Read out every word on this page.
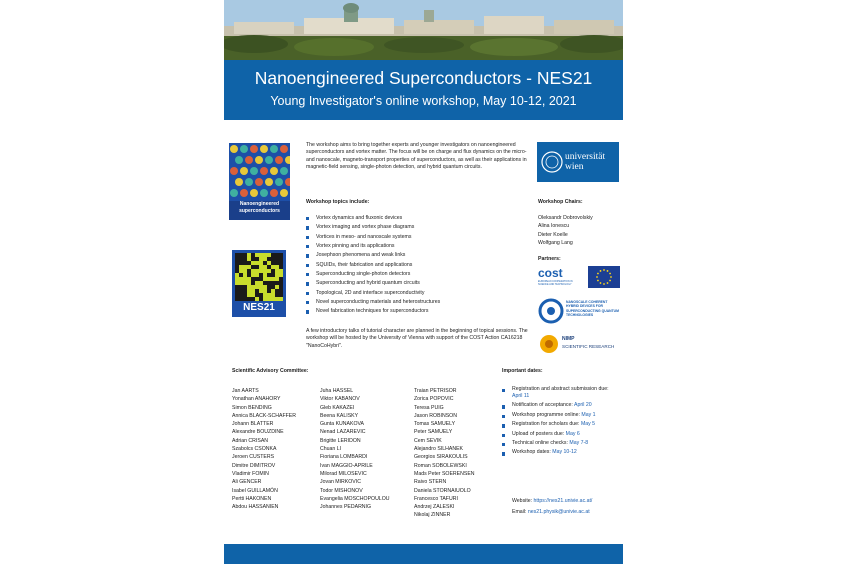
Nanoengineered Superconductors - NES21
Young Investigator's online workshop, May 10-12, 2021
Nanoengineered
superconductors
NES21
The workshop aims to bring together experts and younger investigators on nanoengineered superconductors and vortex matter. The focus will be on charge and flux dynamics on the micro- and nanoscale, magneto-transport properties of superconductors, as well as their applications in magnetic-field sensing, single-photon detection, and hybrid quantum circuits.
Workshop topics include:
Vortex dynamics and fluxonic devices
Vortex imaging and vortex phase diagrams
Vortices in meso- and nanoscale systems
Vortex pinning and its applications
Josephson phenomena and weak links
SQUIDs, their fabrication and applications
Superconducting single-photon detectors
Superconducting and hybrid quantum circuits
Topological, 2D and interface superconductivity
Novel superconducting materials and heterostructures
Novel fabrication techniques for superconductors
A few introductory talks of tutorial character are planned in the beginning of topical sessions. The workshop will be hosted by the University of Vienna with support of the COST Action CA16218 "NanoCoHybri".
universität
wien
Workshop Chairs:
Oleksandr Dobrovolskiy
Alina Ionescu
Dieter Koelle
Wolfgang Lang
Partners:
cost
EUROPEAN COOPERATION IN SCIENCE AND TECHNOLOGY
NANOSCALE COHERENT HYBRID DEVICES FOR SUPERCONDUCTING QUANTUM TECHNOLOGIES
NIMP
SCIENTIFIC RESEARCH
Scientific Advisory Committee:
Jan AARTS
Yonathan ANAHORY
Simon BENDING
Annica BLACK-SCHAFFER
Johann BLATTER
Alexandre BOUZDINE
Adrian CRISAN
Szabolcs CSONKA
Jeroen CUSTERS
Dimitre DIMITROV
Vladimir FOMIN
Ali GENCER
Isabel GUILLAMÓN
Pertti HAKONEN
Abdou HASSANIEN
Juha HASSEL
Viktor KABANOV
Gleb KAKAZEI
Beena KALISKY
Gunta KUNAKOVA
Nenad LAZAREVIC
Brigitte LERIDON
Chuan LI
Fioriana LOMBARDI
Ivan MAGGIO-APRILE
Milorad MILOSEVIC
Jovan MIRKOVIC
Todor MISHONOV
Evangelia MOSCHOPOULOU
Johannes PEDARNIG
Traian PETRISOR
Zorica POPOVIC
Teresa PUIG
Jason ROBINSON
Tomas SAMUELY
Peter SAMUELY
Cem SEVIK
Alejandro SILHANEK
Georgios SIRAKOULIS
Roman SOBOLEWSKI
Mads Peter SOERENSEN
Raivo STERN
Daniela STORNAIUOLO
Francesco TAFURI
Andrzej ZALESKI
Nikolaj ZINNER
Important dates:
Registration and abstract submission due: April 11
Notification of acceptance: April 20
Workshop programme online: May 1
Registration for scholars due: May 5
Upload of posters due: May 6
Technical online checks: May 7-8
Workshop dates: May 10-12
Website: https://nes21.univie.ac.at/
Email: nes21.physik@univie.ac.at
